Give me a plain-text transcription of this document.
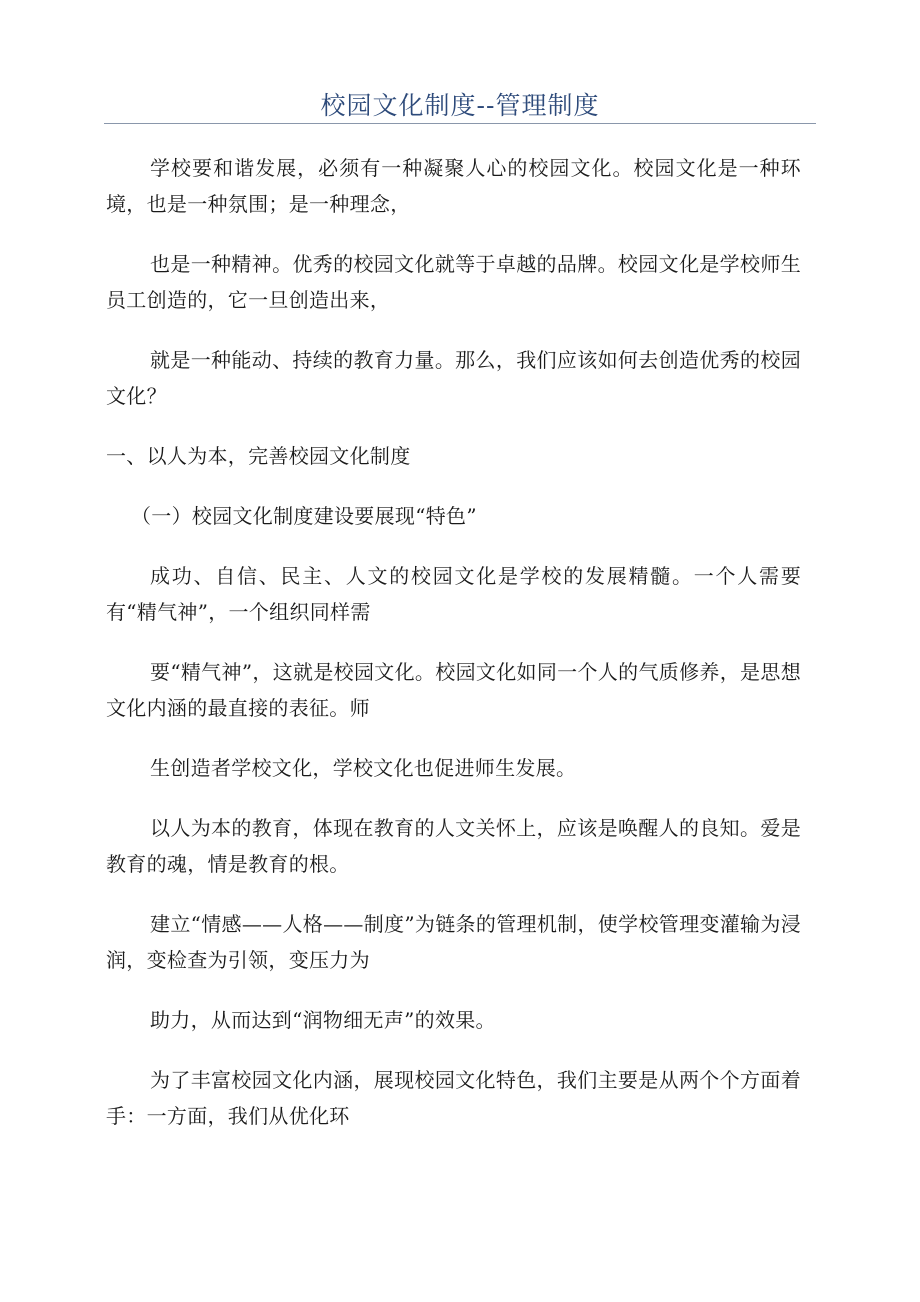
校园文化制度--管理制度

学校要和谐发展，必须有一种凝聚人心的校园文化。校园文化是一种环境，也是一种氛围；是一种理念，

也是一种精神。优秀的校园文化就等于卓越的品牌。校园文化是学校师生员工创造的，它一旦创造出来，

就是一种能动、持续的教育力量。那么，我们应该如何去创造优秀的校园文化？

一、以人为本，完善校园文化制度

（一）校园文化制度建设要展现“特色”

成功、自信、民主、人文的校园文化是学校的发展精髓。一个人需要有“精气神”，一个组织同样需

要“精气神”，这就是校园文化。校园文化如同一个人的气质修养，是思想文化内涵的最直接的表征。师

生创造者学校文化，学校文化也促进师生发展。

以人为本的教育，体现在教育的人文关怀上，应该是唤醒人的良知。爱是教育的魂，情是教育的根。

建立“情感——人格——制度”为链条的管理机制，使学校管理变灌输为浸润，变检查为引领，变压力为

助力，从而达到“润物细无声”的效果。

为了丰富校园文化内涵，展现校园文化特色，我们主要是从两个个方面着手：一方面，我们从优化环
